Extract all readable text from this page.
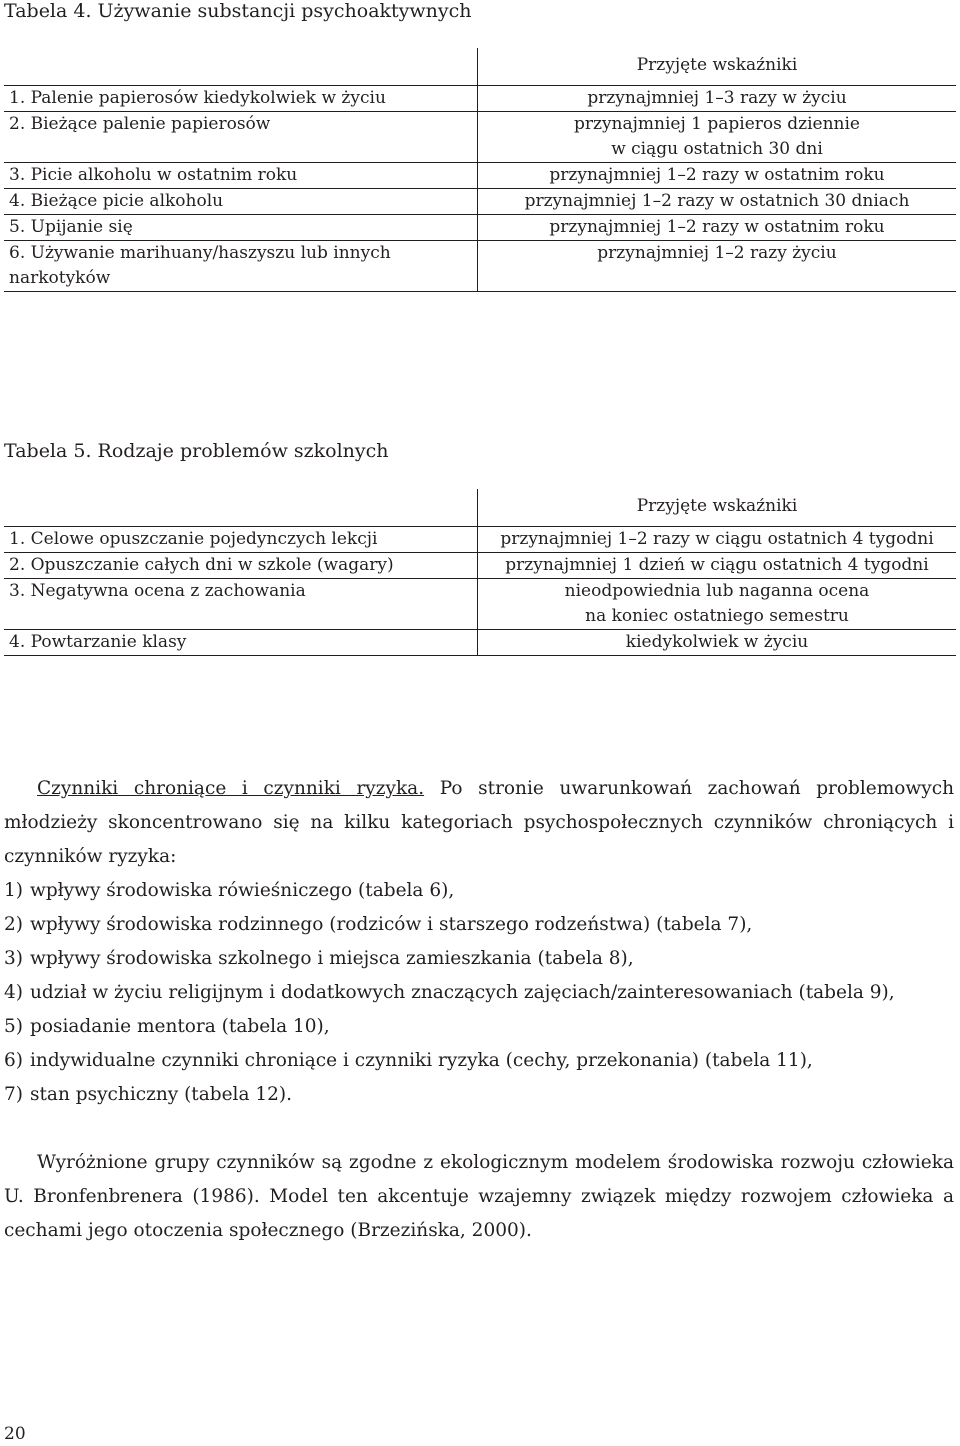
Tabela 4. Używanie substancji psychoaktywnych
	Przyjęte wskaźniki
1. Palenie papierosów kiedykolwiek w życiu	przynajmniej 1–3 razy w życiu

2. Bieżące palenie papierosów	przynajmniej 1 papieros dziennie
w ciągu ostatnich 30 dni

3. Picie alkoholu w ostatnim roku	przynajmniej 1–2 razy w ostatnim roku

4. Bieżące picie alkoholu	przynajmniej 1–2 razy w ostatnich 30 dniach

5. Upijanie się	przynajmniej 1–2 razy w ostatnim roku

6. Używanie marihuany/haszyszu lub innych narkotyków	przynajmniej 1–2 razy życiu
Tabela 5. Rodzaje problemów szkolnych
	Przyjęte wskaźniki
1. Celowe opuszczanie pojedynczych lekcji	przynajmniej 1–2 razy w ciągu ostatnich 4 tygodni

2. Opuszczanie całych dni w szkole (wagary)	przynajmniej 1 dzień w ciągu ostatnich 4 tygodni

3. Negatywna ocena z zachowania	nieodpowiednia lub naganna ocena
na koniec ostatniego semestru

4. Powtarzanie klasy	kiedykolwiek w życiu

Czynniki chroniące i czynniki ryzyka. Po stronie uwarunkowań zachowań problemowych młodzieży skoncentrowano się na kilku kategoriach psychospołecznych czynników chroniących i czynników ryzyka:

1) wpływy środowiska rówieśniczego (tabela 6),
2) wpływy środowiska rodzinnego (rodziców i starszego rodzeństwa) (tabela 7),
3) wpływy środowiska szkolnego i miejsca zamieszkania (tabela 8),
4) udział w życiu religijnym i dodatkowych znaczących zajęciach/zainteresowaniach (tabela 9),
5) posiadanie mentora (tabela 10),
6) indywidualne czynniki chroniące i czynniki ryzyka (cechy, przekonania) (tabela 11),
7) stan psychiczny (tabela 12).

Wyróżnione grupy czynników są zgodne z ekologicznym modelem środowiska rozwoju człowieka U. Bronfenbrenera (1986). Model ten akcentuje wzajemny związek między rozwojem człowieka a cechami jego otoczenia społecznego (Brzezińska, 2000).

20
